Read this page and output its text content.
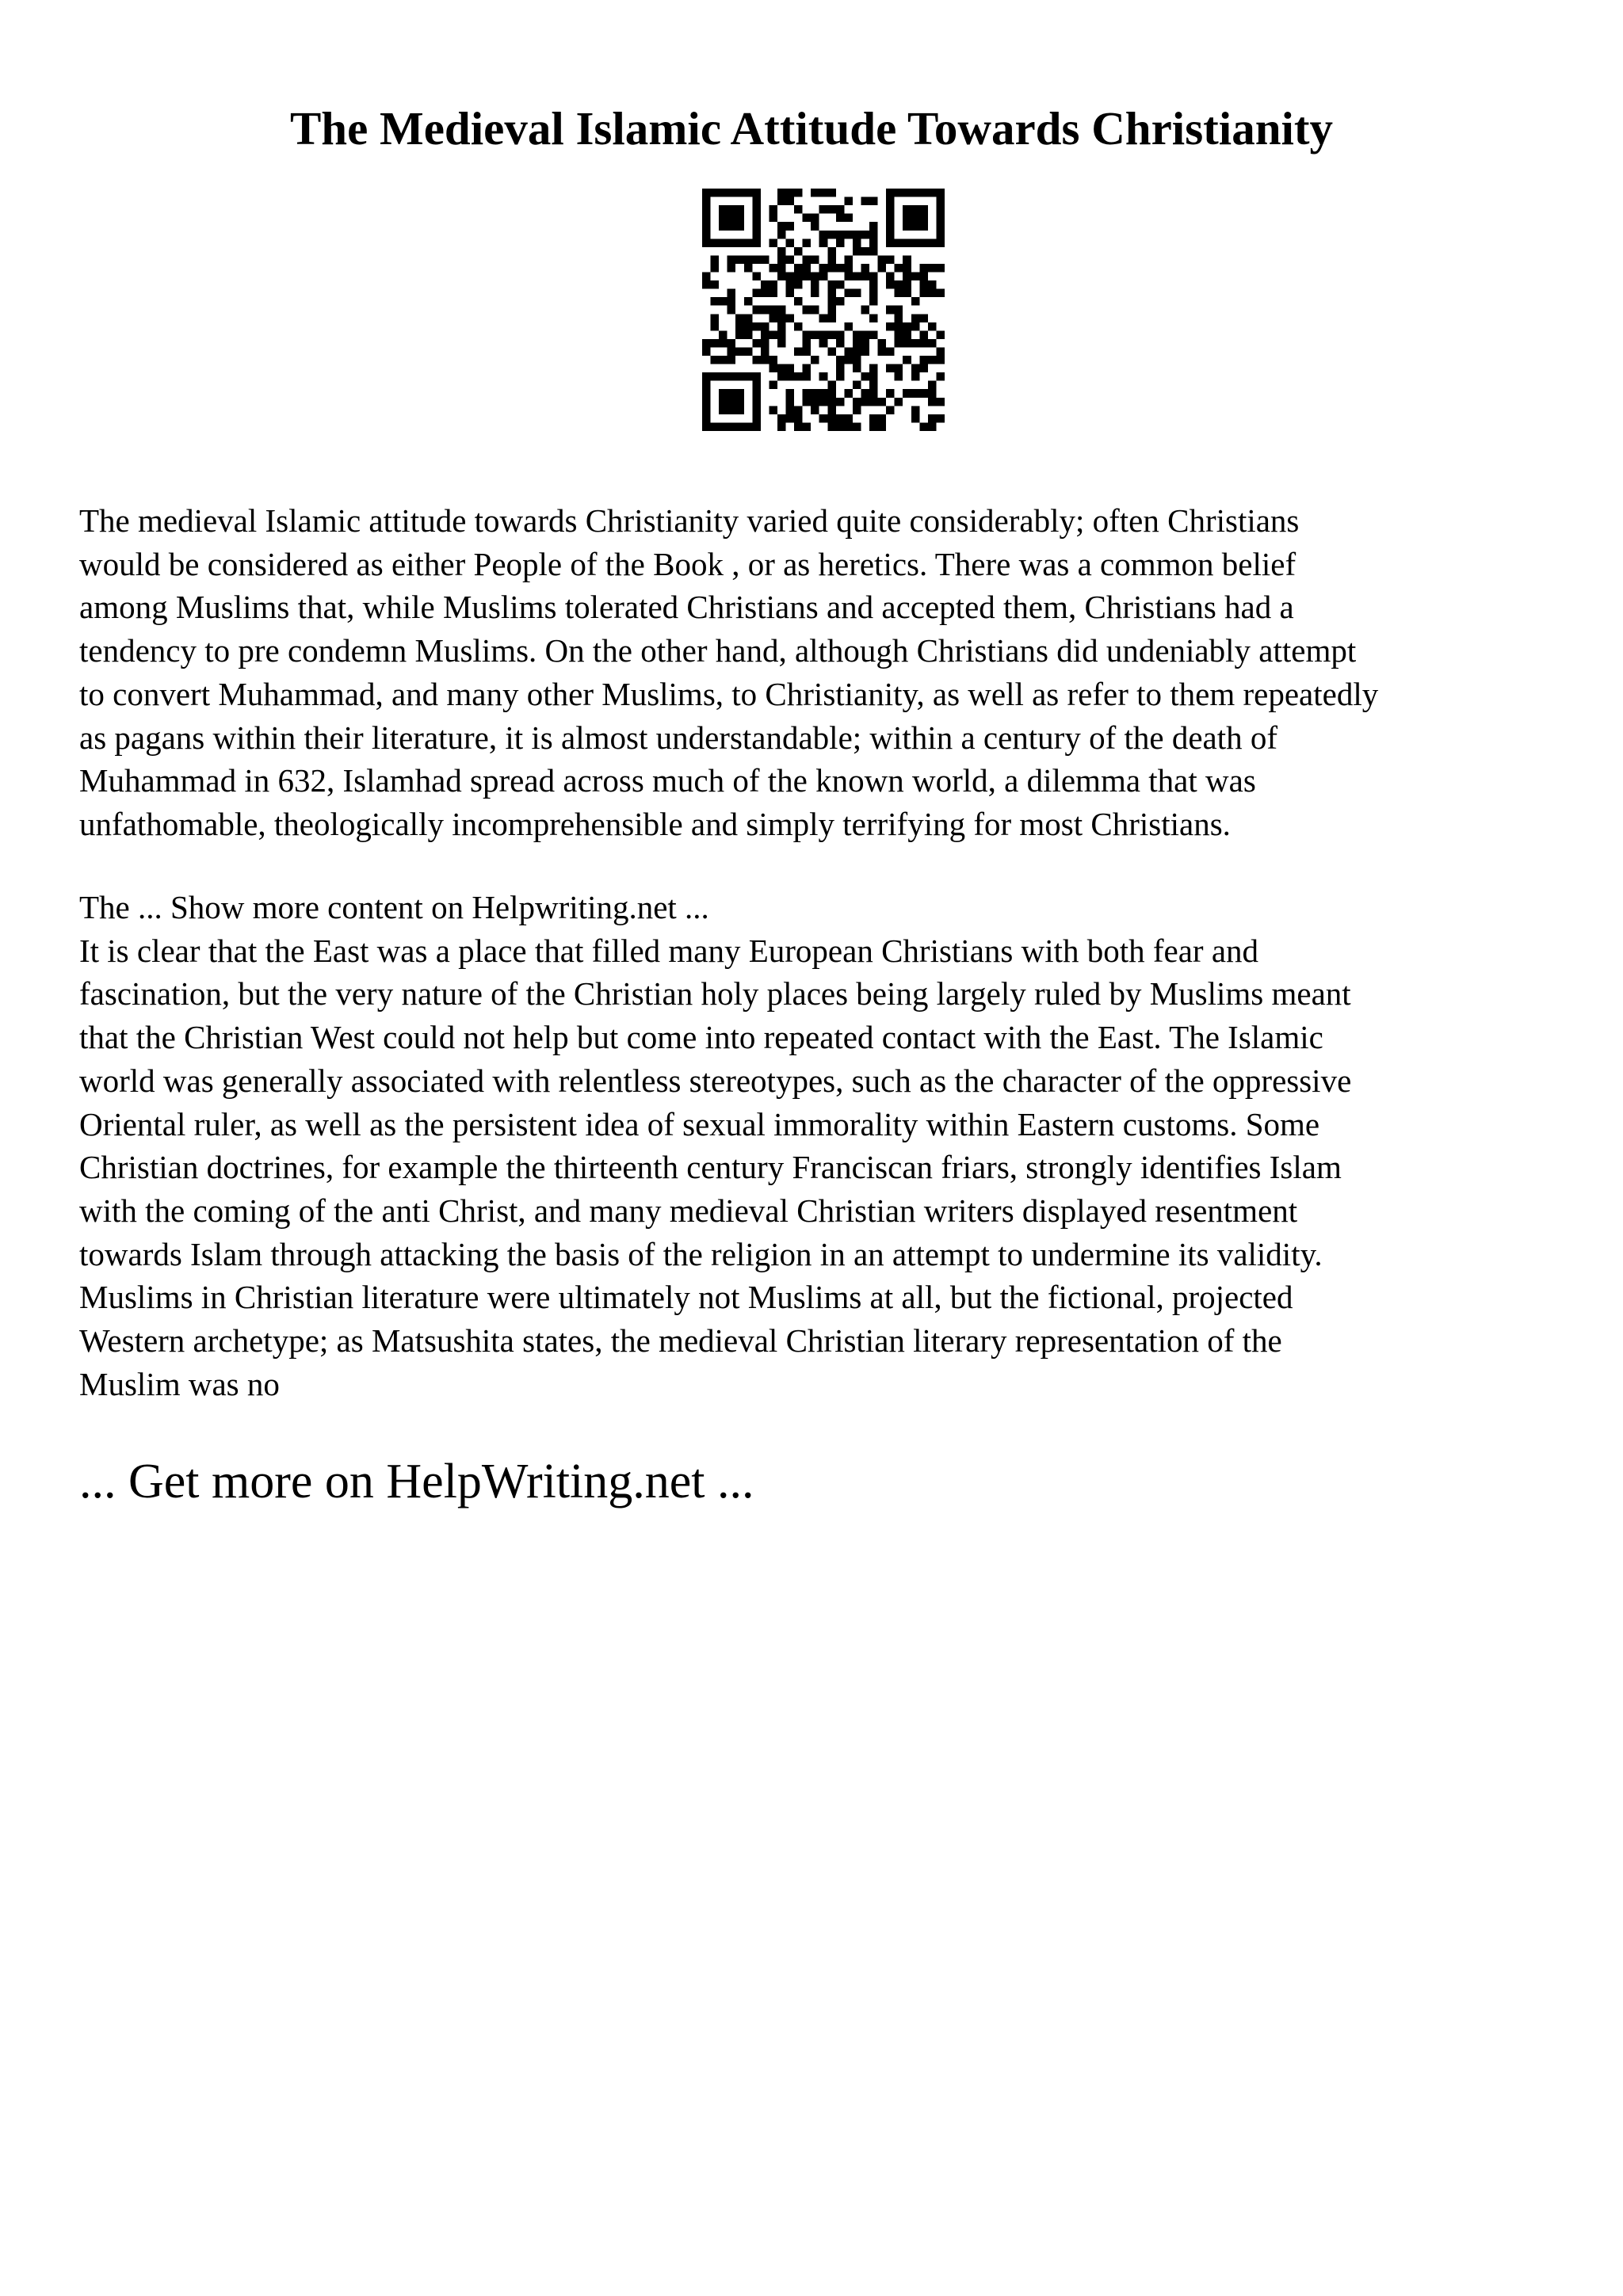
The Medieval Islamic Attitude Towards Christianity
The medieval Islamic attitude towards Christianity varied quite considerably; often Christians
would be considered as either People of the Book , or as heretics. There was a common belief
among Muslims that, while Muslims tolerated Christians and accepted them, Christians had a
tendency to pre condemn Muslims. On the other hand, although Christians did undeniably attempt
to convert Muhammad, and many other Muslims, to Christianity, as well as refer to them repeatedly
as pagans within their literature, it is almost understandable; within a century of the death of
Muhammad in 632, Islamhad spread across much of the known world, a dilemma that was
unfathomable, theologically incomprehensible and simply terrifying for most Christians.
The ... Show more content on Helpwriting.net ...
It is clear that the East was a place that filled many European Christians with both fear and
fascination, but the very nature of the Christian holy places being largely ruled by Muslims meant
that the Christian West could not help but come into repeated contact with the East. The Islamic
world was generally associated with relentless stereotypes, such as the character of the oppressive
Oriental ruler, as well as the persistent idea of sexual immorality within Eastern customs. Some
Christian doctrines, for example the thirteenth century Franciscan friars, strongly identifies Islam
with the coming of the anti Christ, and many medieval Christian writers displayed resentment
towards Islam through attacking the basis of the religion in an attempt to undermine its validity.
Muslims in Christian literature were ultimately not Muslims at all, but the fictional, projected
Western archetype; as Matsushita states, the medieval Christian literary representation of the
Muslim was no
... Get more on HelpWriting.net ...
